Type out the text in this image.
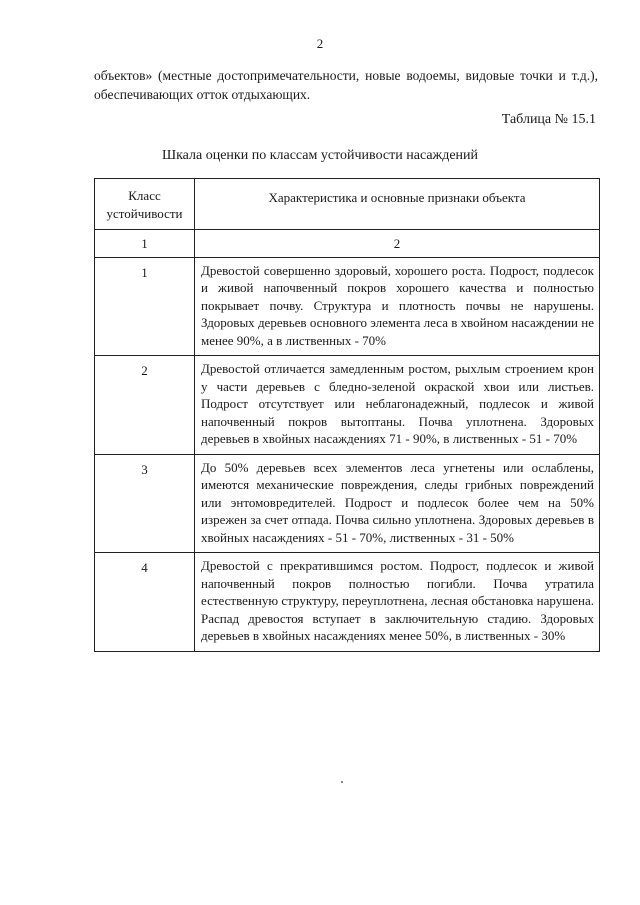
2

объектов» (местные достопримечательности, новые водоемы, видовые точки и т.д.), обеспечивающих отток отдыхающих.

Таблица № 15.1
Шкала оценки по классам устойчивости насаждений
Класс
устойчивости	Характеристика и основные признаки объекта
1	2
1	Древостой совершенно здоровый, хорошего роста. Подрост, подлесок и живой напочвенный покров хорошего качества и полностью покрывает почву. Структура и плотность почвы не нарушены. Здоровых деревьев основного элемента леса в хвойном насаждении не менее 90%, а в лиственных - 70%
2	Древостой отличается замедленным ростом, рыхлым строением крон у части деревьев с бледно-зеленой окраской хвои или листьев. Подрост отсутствует или неблагонадежный, подлесок и живой напочвенный покров вытоптаны. Почва уплотнена. Здоровых деревьев в хвойных насаждениях 71 - 90%, в лиственных - 51 - 70%
3	До 50% деревьев всех элементов леса угнетены или ослаблены, имеются механические повреждения, следы грибных повреждений или энтомовредителей. Подрост и подлесок более чем на 50% изрежен за счет отпада. Почва сильно уплотнена. Здоровых деревьев в хвойных насаждениях - 51 - 70%, лиственных - 31 - 50%
4	Древостой с прекратившимся ростом. Подрост, подлесок и живой напочвенный покров полностью погибли. Почва утратила естественную структуру, переуплотнена, лесная обстановка нарушена. Распад древостоя вступает в заключительную стадию. Здоровых деревьев в хвойных насаждениях менее 50%, в лиственных - 30%
